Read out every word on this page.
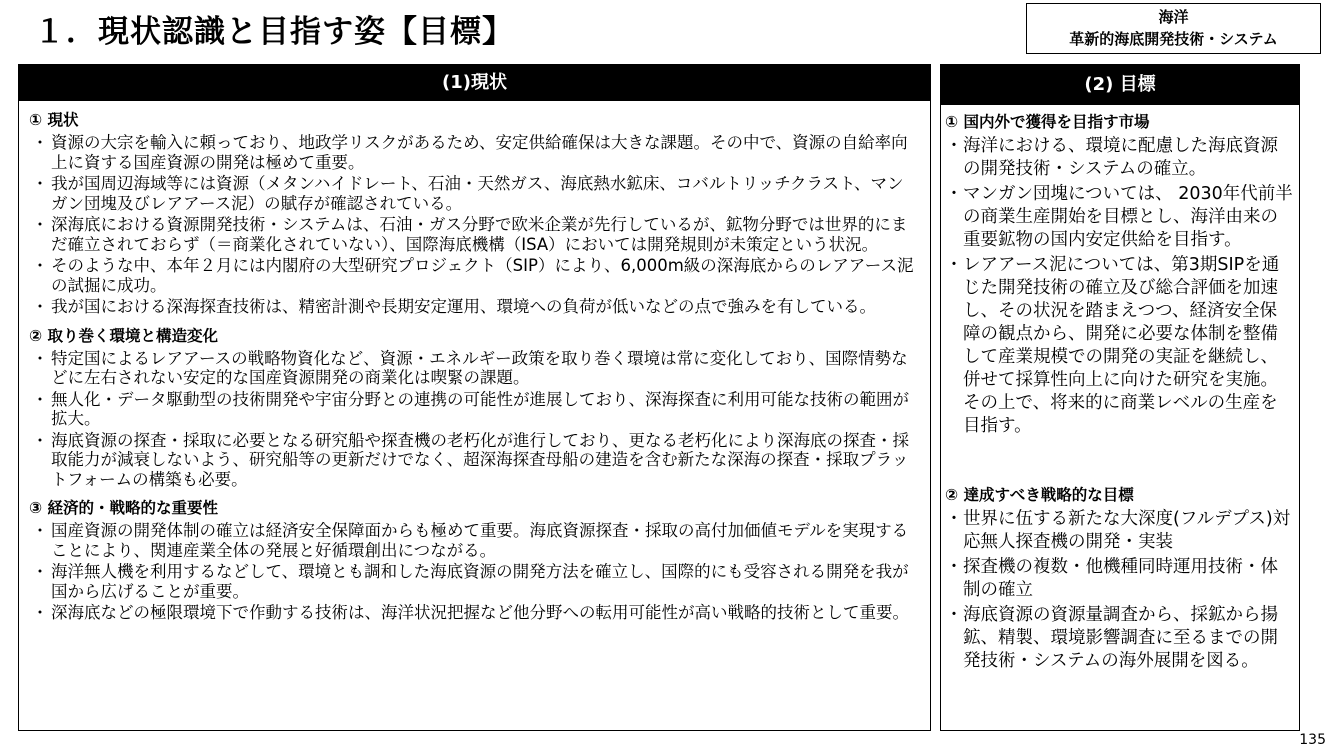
１．現状認識と目指す姿【目標】	海洋
革新的海底開発技術・システム
(1)現状
① 現状
・ 資源の大宗を輸入に頼っており、地政学リスクがあるため、安定供給確保は大きな課題。その中で、資源の自給率向上に資する国産資源の開発は極めて重要。
・ 我が国周辺海域等には資源（メタンハイドレート、石油・天然ガス、海底熱水鉱床、コバルトリッチクラスト、マンガン団塊及びレアアース泥）の賦存が確認されている。
・ 深海底における資源開発技術・システムは、石油・ガス分野で欧米企業が先行しているが、鉱物分野では世界的にまだ確立されておらず（＝商業化されていない）、国際海底機構（ISA）においては開発規則が未策定という状況。
・ そのような中、本年２月には内閣府の大型研究プロジェクト（SIP）により、6,000m級の深海底からのレアアース泥の試掘に成功。
・ 我が国における深海探査技術は、精密計測や長期安定運用、環境への負荷が低いなどの点で強みを有している。
② 取り巻く環境と構造変化
・ 特定国によるレアアースの戦略物資化など、資源・エネルギー政策を取り巻く環境は常に変化しており、国際情勢などに左右されない安定的な国産資源開発の商業化は喫緊の課題。
・ 無人化・データ駆動型の技術開発や宇宙分野との連携の可能性が進展しており、深海探査に利用可能な技術の範囲が拡大。
・ 海底資源の探査・採取に必要となる研究船や探査機の老朽化が進行しており、更なる老朽化により深海底の探査・採取能力が減衰しないよう、研究船等の更新だけでなく、超深海探査母船の建造を含む新たな深海の探査・採取プラットフォームの構築も必要。
③ 経済的・戦略的な重要性
・ 国産資源の開発体制の確立は経済安全保障面からも極めて重要。海底資源探査・採取の高付加価値モデルを実現することにより、関連産業全体の発展と好循環創出につながる。
・ 海洋無人機を利用するなどして、環境とも調和した海底資源の開発方法を確立し、国際的にも受容される開発を我が国から広げることが重要。
・ 深海底などの極限環境下で作動する技術は、海洋状況把握など他分野への転用可能性が高い戦略的技術として重要。
(2) 目標
① 国内外で獲得を目指す市場
・ 海洋における、環境に配慮した海底資源の開発技術・システムの確立。
・ マンガン団塊については、 2030年代前半の商業生産開始を目標とし、海洋由来の重要鉱物の国内安定供給を目指す。
・ レアアース泥については、第3期SIPを通じた開発技術の確立及び総合評価を加速し、その状況を踏まえつつ、経済安全保障の観点から、開発に必要な体制を整備して産業規模での開発の実証を継続し、併せて採算性向上に向けた研究を実施。その上で、将来的に商業レベルの生産を目指す。
② 達成すべき戦略的な目標
・ 世界に伍する新たな大深度(フルデプス)対応無人探査機の開発・実装
・ 探査機の複数・他機種同時運用技術・体制の確立
・ 海底資源の資源量調査から、採鉱から揚鉱、精製、環境影響調査に至るまでの開発技術・システムの海外展開を図る。
135
